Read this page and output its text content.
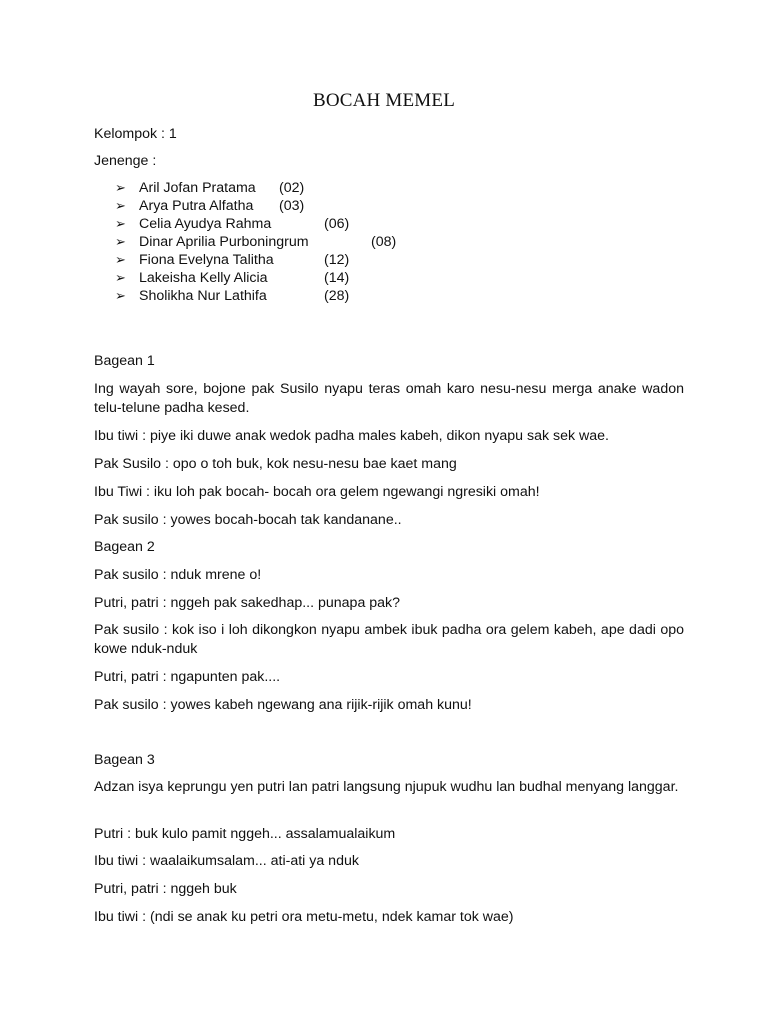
BOCAH MEMEL
Kelompok : 1
Jenenge :
➢ Aril Jofan Pratama (02)
➢ Arya Putra Alfatha (03)
➢ Celia Ayudya Rahma	(06)
➢ Dinar Aprilia Purboningrum	(08)
➢ Fiona Evelyna Talitha	(12)
➢ Lakeisha Kelly Alicia	(14)
➢ Sholikha Nur Lathifa	(28)
Bagean 1
Ing wayah sore, bojone pak Susilo nyapu teras omah karo nesu-nesu merga anake wadon telu-telune padha kesed.
Ibu tiwi : piye iki duwe anak wedok padha males kabeh, dikon nyapu sak sek wae.
Pak Susilo : opo o toh buk, kok nesu-nesu bae kaet mang
Ibu Tiwi : iku loh pak bocah- bocah ora gelem ngewangi ngresiki omah!
Pak susilo : yowes bocah-bocah tak kandanane..
Bagean 2
Pak susilo : nduk mrene o!
Putri, patri : nggeh pak sakedhap... punapa pak?
Pak susilo : kok iso i loh dikongkon nyapu ambek ibuk padha ora gelem kabeh, ape dadi opo kowe nduk-nduk
Putri, patri : ngapunten pak....
Pak susilo : yowes kabeh ngewang ana rijik-rijik omah kunu!
Bagean 3
Adzan isya keprungu yen putri lan patri langsung njupuk wudhu lan budhal menyang langgar.
Putri : buk kulo pamit nggeh... assalamualaikum
Ibu tiwi : waalaikumsalam... ati-ati ya nduk
Putri, patri : nggeh buk
Ibu tiwi : (ndi se anak ku petri ora metu-metu, ndek kamar tok wae)
